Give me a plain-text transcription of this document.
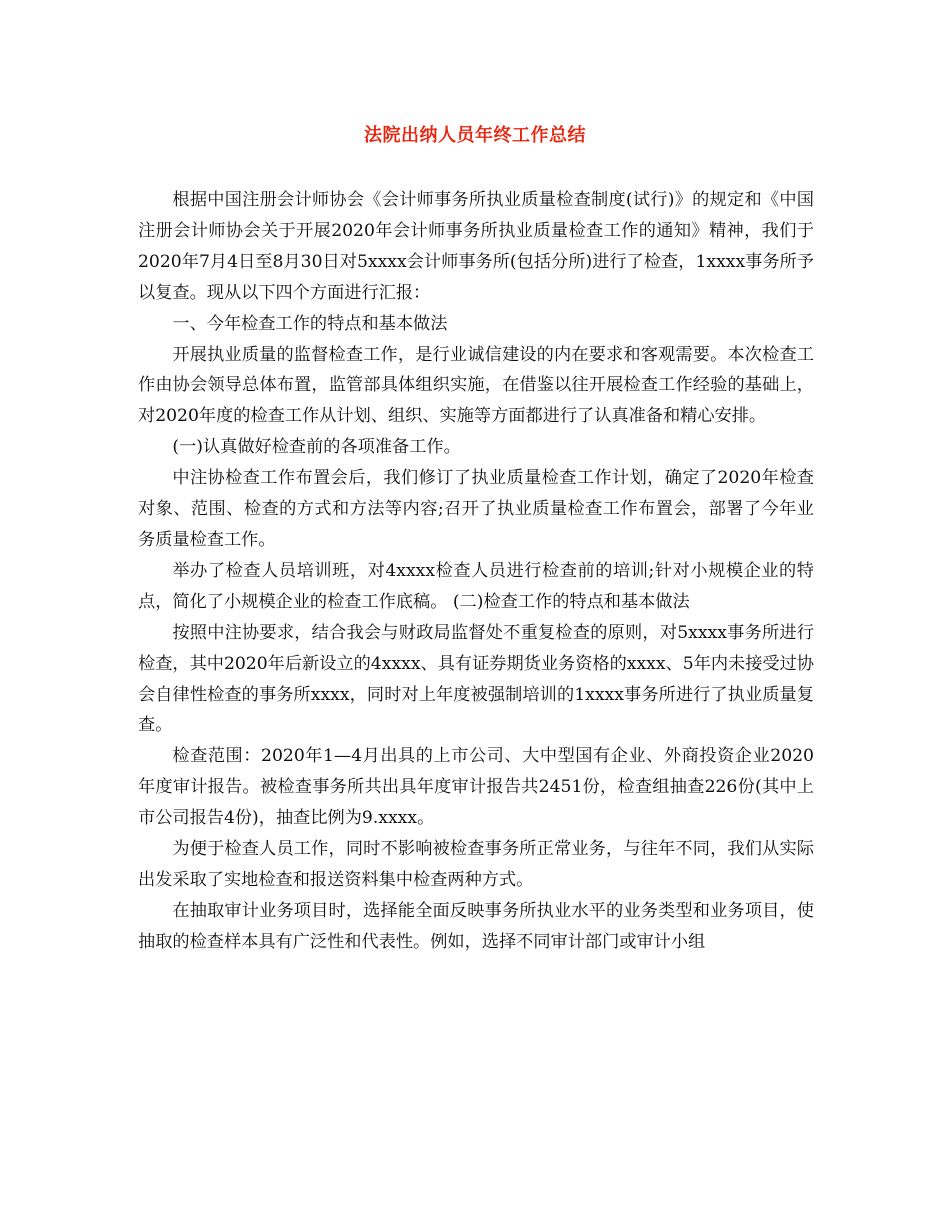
法院出纳人员年终工作总结

根据中国注册会计师协会《会计师事务所执业质量检查制度(试行)》的规定和《中国注册会计师协会关于开展2020年会计师事务所执业质量检查工作的通知》精神，我们于2020年7月4日至8月30日对5xxxx会计师事务所(包括分所)进行了检查，1xxxx事务所予以复查。现从以下四个方面进行汇报：

一、今年检查工作的特点和基本做法

开展执业质量的监督检查工作，是行业诚信建设的内在要求和客观需要。本次检查工作由协会领导总体布置，监管部具体组织实施，在借鉴以往开展检查工作经验的基础上，对2020年度的检查工作从计划、组织、实施等方面都进行了认真准备和精心安排。

(一)认真做好检查前的各项准备工作。

中注协检查工作布置会后，我们修订了执业质量检查工作计划，确定了2020年检查对象、范围、检查的方式和方法等内容;召开了执业质量检查工作布置会，部署了今年业务质量检查工作。

举办了检查人员培训班，对4xxxx检查人员进行检查前的培训;针对小规模企业的特点，简化了小规模企业的检查工作底稿。 (二)检查工作的特点和基本做法

按照中注协要求，结合我会与财政局监督处不重复检查的原则，对5xxxx事务所进行检查，其中2020年后新设立的4xxxx、具有证券期货业务资格的xxxx、5年内未接受过协会自律性检查的事务所xxxx，同时对上年度被强制培训的1xxxx事务所进行了执业质量复查。

检查范围：2020年1—4月出具的上市公司、大中型国有企业、外商投资企业2020年度审计报告。被检查事务所共出具年度审计报告共2451份，检查组抽查226份(其中上市公司报告4份)，抽查比例为9.xxxx。

为便于检查人员工作，同时不影响被检查事务所正常业务，与往年不同，我们从实际出发采取了实地检查和报送资料集中检查两种方式。

在抽取审计业务项目时，选择能全面反映事务所执业水平的业务类型和业务项目，使抽取的检查样本具有广泛性和代表性。例如，选择不同审计部门或审计小组
